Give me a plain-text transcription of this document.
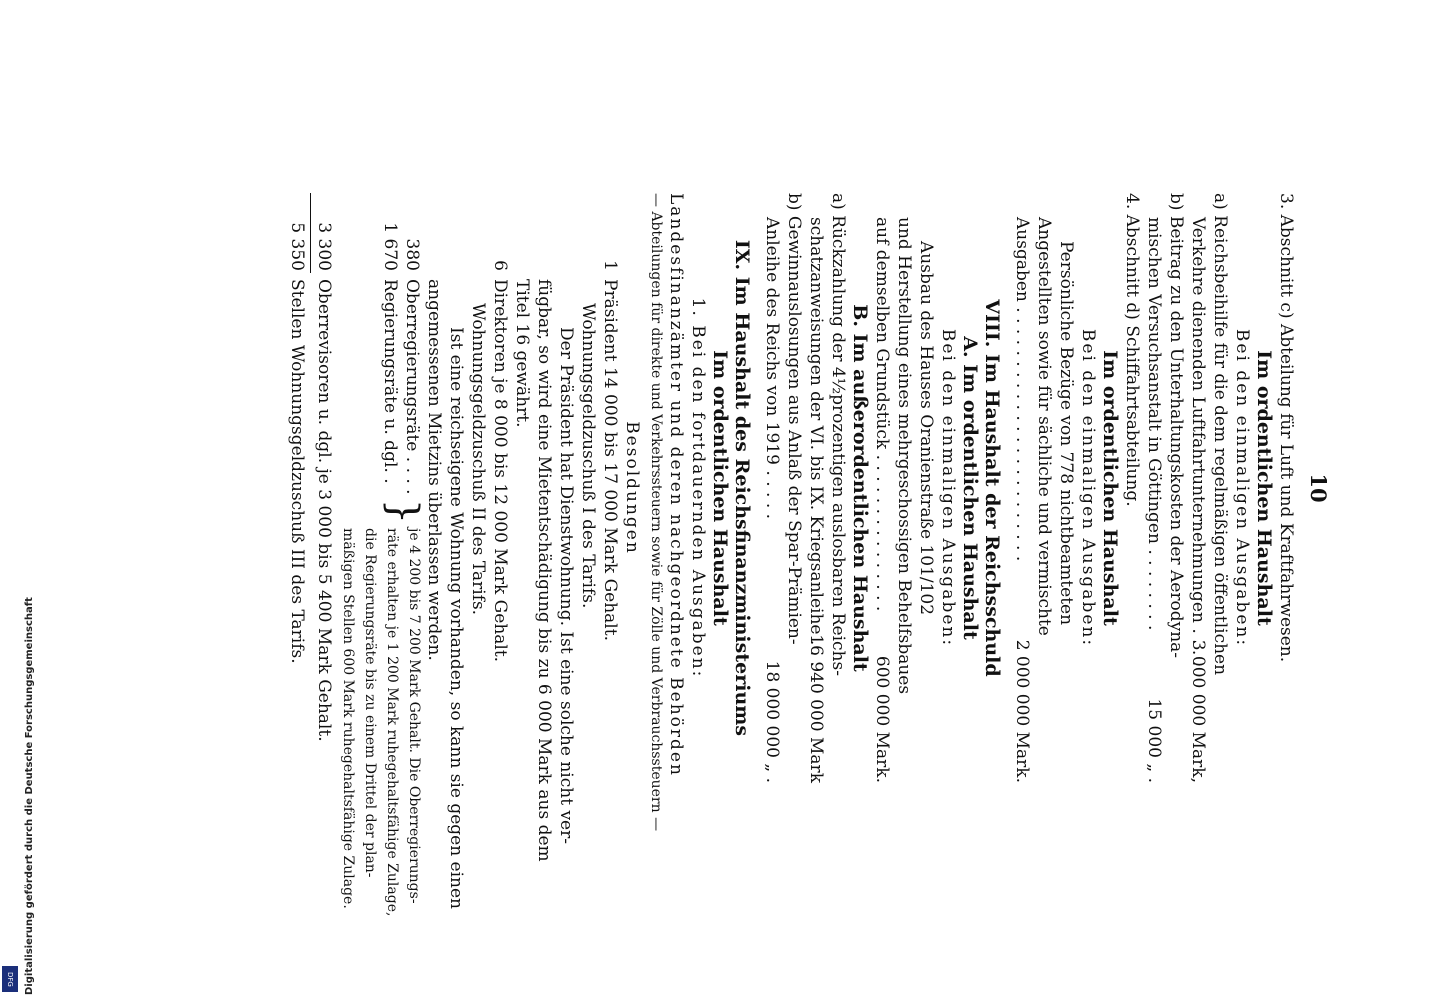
10
3. Abschnitt c) Abteilung für Luft und Kraftfahrwesen.
Im ordentlichen Haushalt
Bei den einmaligen Ausgaben:
a) Reichsbeihilfe für die dem regelmäßigen öffentlichen
Verkehre dienenden Luftfahrtunternehmungen . . . .
3 000 000 Mark,
b) Beitrag zu den Unterhaltungskosten der Aerodyna-
mischen Versuchsanstalt in Göttingen . . . . . . . .
15 000 „ .
4. Abschnitt d) Schiffahrtsabteilung.
Im ordentlichen Haushalt
Bei den einmaligen Ausgaben:
Persönliche Bezüge von 778 nichtbeamteten
Angestellten sowie für sächliche und vermischte
Ausgaben . . . . . . . . . . . . . . . . . . . . . . . .
2 000 000 Mark.
VIII. Im Haushalt der Reichsschuld
A. Im ordentlichen Haushalt
Bei den einmaligen Ausgaben:
Ausbau des Hauses Oranienstraße 101/102
und Herstellung eines mehrgeschossigen Behelfsbaues
auf demselben Grundstück . . . . . . . . . . . . . . .
600 000 Mark.
B. Im außerordentlichen Haushalt
a) Rückzahlung der 4½prozentigen auslosbaren Reichs-
schatzanweisungen der VI. bis IX. Kriegsanleihe . . .
16 940 000 Mark
b) Gewinnauslosungen aus Anlaß der Spar-Prämien-
Anleihe des Reichs von 1919 . . . . .
18 000 000 „ .
IX. Im Haushalt des Reichsfinanzministeriums
Im ordentlichen Haushalt
1. Bei den fortdauernden Ausgaben:
Landesfinanzämter und deren nachgeordnete Behörden
— Abteilungen für direkte und Verkehrssteuern sowie für Zölle und Verbrauchssteuern —
Besoldungen
1
Präsident 14 000 bis 17 000 Mark Gehalt.
Wohnungsgeldzuschuß I des Tarifs.
Der Präsident hat Dienstwohnung. Ist eine solche nicht ver-
fügbar, so wird eine Mietentschädigung bis zu 6 000 Mark aus dem
Titel 16 gewährt.
6
Direktoren je 8 000 bis 12 000 Mark Gehalt.
Wohnungsgeldzuschuß II des Tarifs.
Ist eine reichseigene Wohnung vorhanden, so kann sie gegen einen
angemessenen Mietzins überlassen werden.
380
Oberregierungsräte . . . .
1 670
Regierungsräte u. dgl. .
}
je 4 200 bis 7 200 Mark Gehalt. Die Oberregierungs-
räte erhalten je 1 200 Mark ruhegehaltsfähige Zulage,
die Regierungsräte bis zu einem Drittel der plan-
mäßigen Stellen 600 Mark ruhegehaltsfähige Zulage.
3 300
Oberrevisoren u. dgl. je 3 000 bis 5 400 Mark Gehalt.
5 350
Stellen Wohnungsgeldzuschuß III des Tarifs.
Digitalisierung gefördert durch die Deutsche Forschungsgemeinschaft
DFG
